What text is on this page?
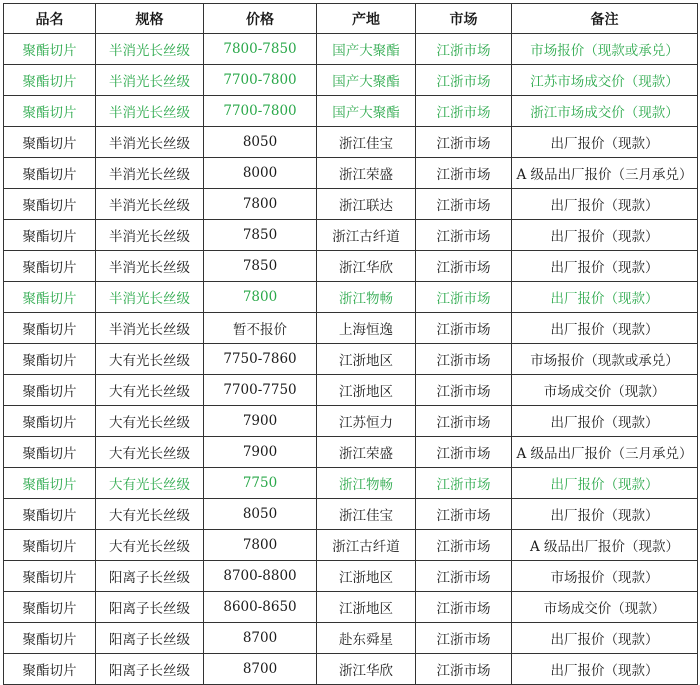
品名	规格	价格	产地	市场	备注
聚酯切片	半消光长丝级	7800-7850	国产大聚酯	江浙市场	市场报价（现款或承兑）
聚酯切片	半消光长丝级	7700-7800	国产大聚酯	江浙市场	江苏市场成交价（现款）
聚酯切片	半消光长丝级	7700-7800	国产大聚酯	江浙市场	浙江市场成交价（现款）
聚酯切片	半消光长丝级	8050	浙江佳宝	江浙市场	出厂报价（现款）
聚酯切片	半消光长丝级	8000	浙江荣盛	江浙市场	A 级品出厂报价（三月承兑）
聚酯切片	半消光长丝级	7800	浙江联达	江浙市场	出厂报价（现款）
聚酯切片	半消光长丝级	7850	浙江古纤道	江浙市场	出厂报价（现款）
聚酯切片	半消光长丝级	7850	浙江华欣	江浙市场	出厂报价（现款）
聚酯切片	半消光长丝级	7800	浙江物畅	江浙市场	出厂报价（现款）
聚酯切片	半消光长丝级	暂不报价	上海恒逸	江浙市场	出厂报价（现款）
聚酯切片	大有光长丝级	7750-7860	江浙地区	江浙市场	市场报价（现款或承兑）
聚酯切片	大有光长丝级	7700-7750	江浙地区	江浙市场	市场成交价（现款）
聚酯切片	大有光长丝级	7900	江苏恒力	江浙市场	出厂报价（现款）
聚酯切片	大有光长丝级	7900	浙江荣盛	江浙市场	A 级品出厂报价（三月承兑）
聚酯切片	大有光长丝级	7750	浙江物畅	江浙市场	出厂报价（现款）
聚酯切片	大有光长丝级	8050	浙江佳宝	江浙市场	出厂报价（现款）
聚酯切片	大有光长丝级	7800	浙江古纤道	江浙市场	A 级品出厂报价（现款）
聚酯切片	阳离子长丝级	8700-8800	江浙地区	江浙市场	市场报价（现款）
聚酯切片	阳离子长丝级	8600-8650	江浙地区	江浙市场	市场成交价（现款）
聚酯切片	阳离子长丝级	8700	赴东舜星	江浙市场	出厂报价（现款）
聚酯切片	阳离子长丝级	8700	浙江华欣	江浙市场	出厂报价（现款）
